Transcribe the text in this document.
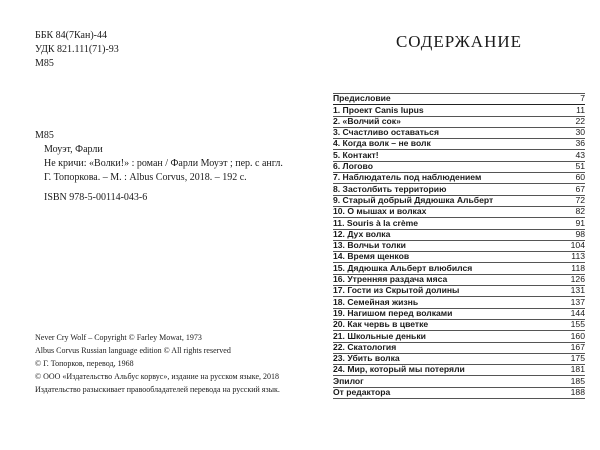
ББК 84(7Кан)-44
УДК 821.111(71)-93
M85
M85
Моуэт, Фарли
Не кричи: «Волки!» : роман / Фарли Моуэт ; пер. с англ.
Г. Топоркова. – М. : Albus Corvus, 2018. – 192 с.
ISBN 978-5-00114-043-6
Never Cry Wolf – Copyright © Farley Mowat, 1973
Albus Corvus Russian language edition © All rights reserved
© Г. Топорков, перевод, 1968
© ООО «Издательство Альбус корвус», издание на русском языке, 2018
Издательство разыскивает правообладателей перевода на русский язык.
СОДЕРЖАНИЕ
Предисловие	7
1. Проект Canis lupus	11
2. «Волчий сок»	22
3. Счастливо оставаться	30
4. Когда волк – не волк	36
5. Контакт!	43
6. Логово	51
7. Наблюдатель под наблюдением	60
8. Застолбить территорию	67
9. Старый добрый Дядюшка Альберт	72
10. О мышах и волках	82
11. Souris à la crème	91
12. Дух волка	98
13. Волчьи толки	104
14. Время щенков	113
15. Дядюшка Альберт влюбился	118
16. Утренняя раздача мяса	126
17. Гости из Скрытой долины	131
18. Семейная жизнь	137
19. Нагишом перед волками	144
20. Как червь в цветке	155
21. Школьные деньки	160
22. Скатология	167
23. Убить волка	175
24. Мир, который мы потеряли	181
Эпилог	185
От редактора	188
